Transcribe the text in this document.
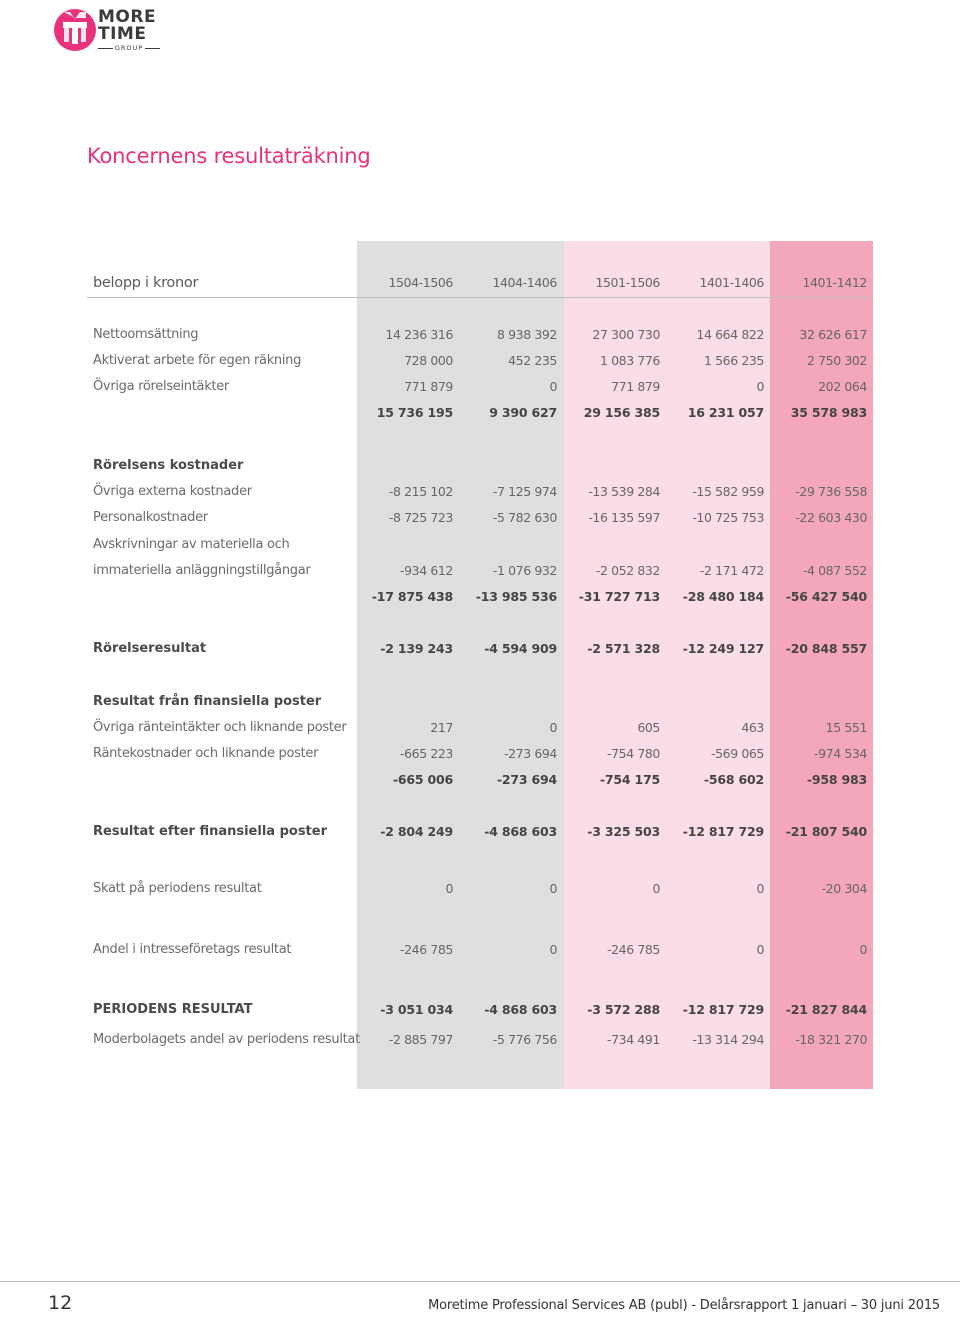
MORE
TIME
GROUP
Koncernens resultaträkning
belopp i kronor	1504-1506	1404-1406	1501-1506	1401-1406	1401-1412
Nettoomsättning	14 236 316	8 938 392	27 300 730	14 664 822	32 626 617
Aktiverat arbete för egen räkning	728 000	452 235	1 083 776	1 566 235	2 750 302
Övriga rörelseintäkter	771 879	0	771 879	0	202 064
15 736 195	9 390 627	29 156 385	16 231 057	35 578 983
Rörelsens kostnader
Övriga externa kostnader	-8 215 102	-7 125 974	-13 539 284	-15 582 959	-29 736 558
Personalkostnader	-8 725 723	-5 782 630	-16 135 597	-10 725 753	-22 603 430
Avskrivningar av materiella och
immateriella anläggningstillgångar	-934 612	-1 076 932	-2 052 832	-2 171 472	-4 087 552
-17 875 438	-13 985 536	-31 727 713	-28 480 184	-56 427 540
Rörelseresultat	-2 139 243	-4 594 909	-2 571 328	-12 249 127	-20 848 557
Resultat från finansiella poster
Övriga ränteintäkter och liknande poster	217	0	605	463	15 551
Räntekostnader och liknande poster	-665 223	-273 694	-754 780	-569 065	-974 534
-665 006	-273 694	-754 175	-568 602	-958 983
Resultat efter finansiella poster	-2 804 249	-4 868 603	-3 325 503	-12 817 729	-21 807 540
Skatt på periodens resultat	0	0	0	0	-20 304
Andel i intresseföretags resultat	-246 785	0	-246 785	0	0
PERIODENS RESULTAT	-3 051 034	-4 868 603	-3 572 288	-12 817 729	-21 827 844
Moderbolagets andel av periodens resultat	-2 885 797	-5 776 756	-734 491	-13 314 294	-18 321 270
12	Moretime Professional Services AB (publ) - Delårsrapport 1 januari – 30 juni 2015
